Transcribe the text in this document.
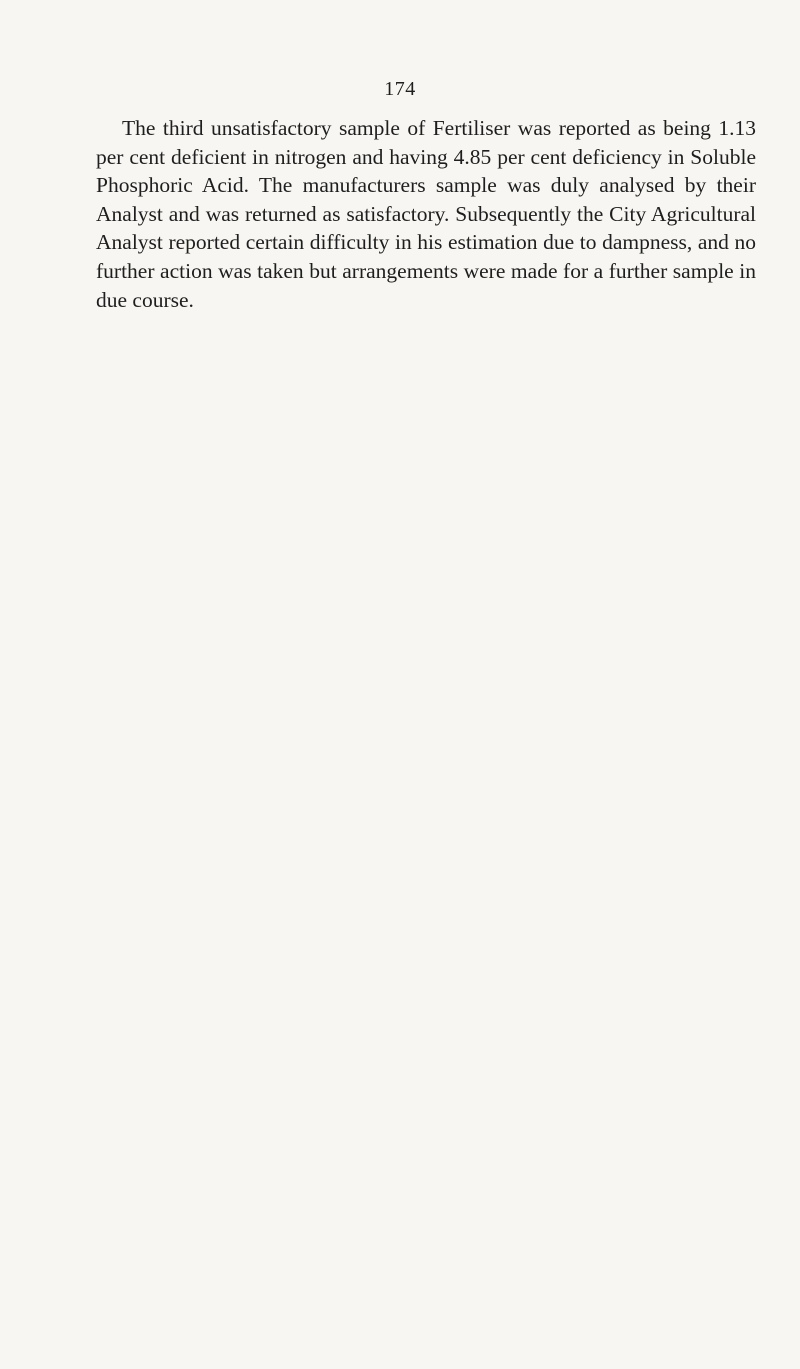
174

The third unsatisfactory sample of Fertiliser was reported as being 1.13 per cent deficient in nitrogen and having 4.85 per cent deficiency in Soluble Phosphoric Acid. The manufacturers sample was duly analysed by their Analyst and was returned as satisfactory. Subsequently the City Agricultural Analyst reported certain difficulty in his estimation due to dampness, and no further action was taken but arrangements were made for a further sample in due course.
